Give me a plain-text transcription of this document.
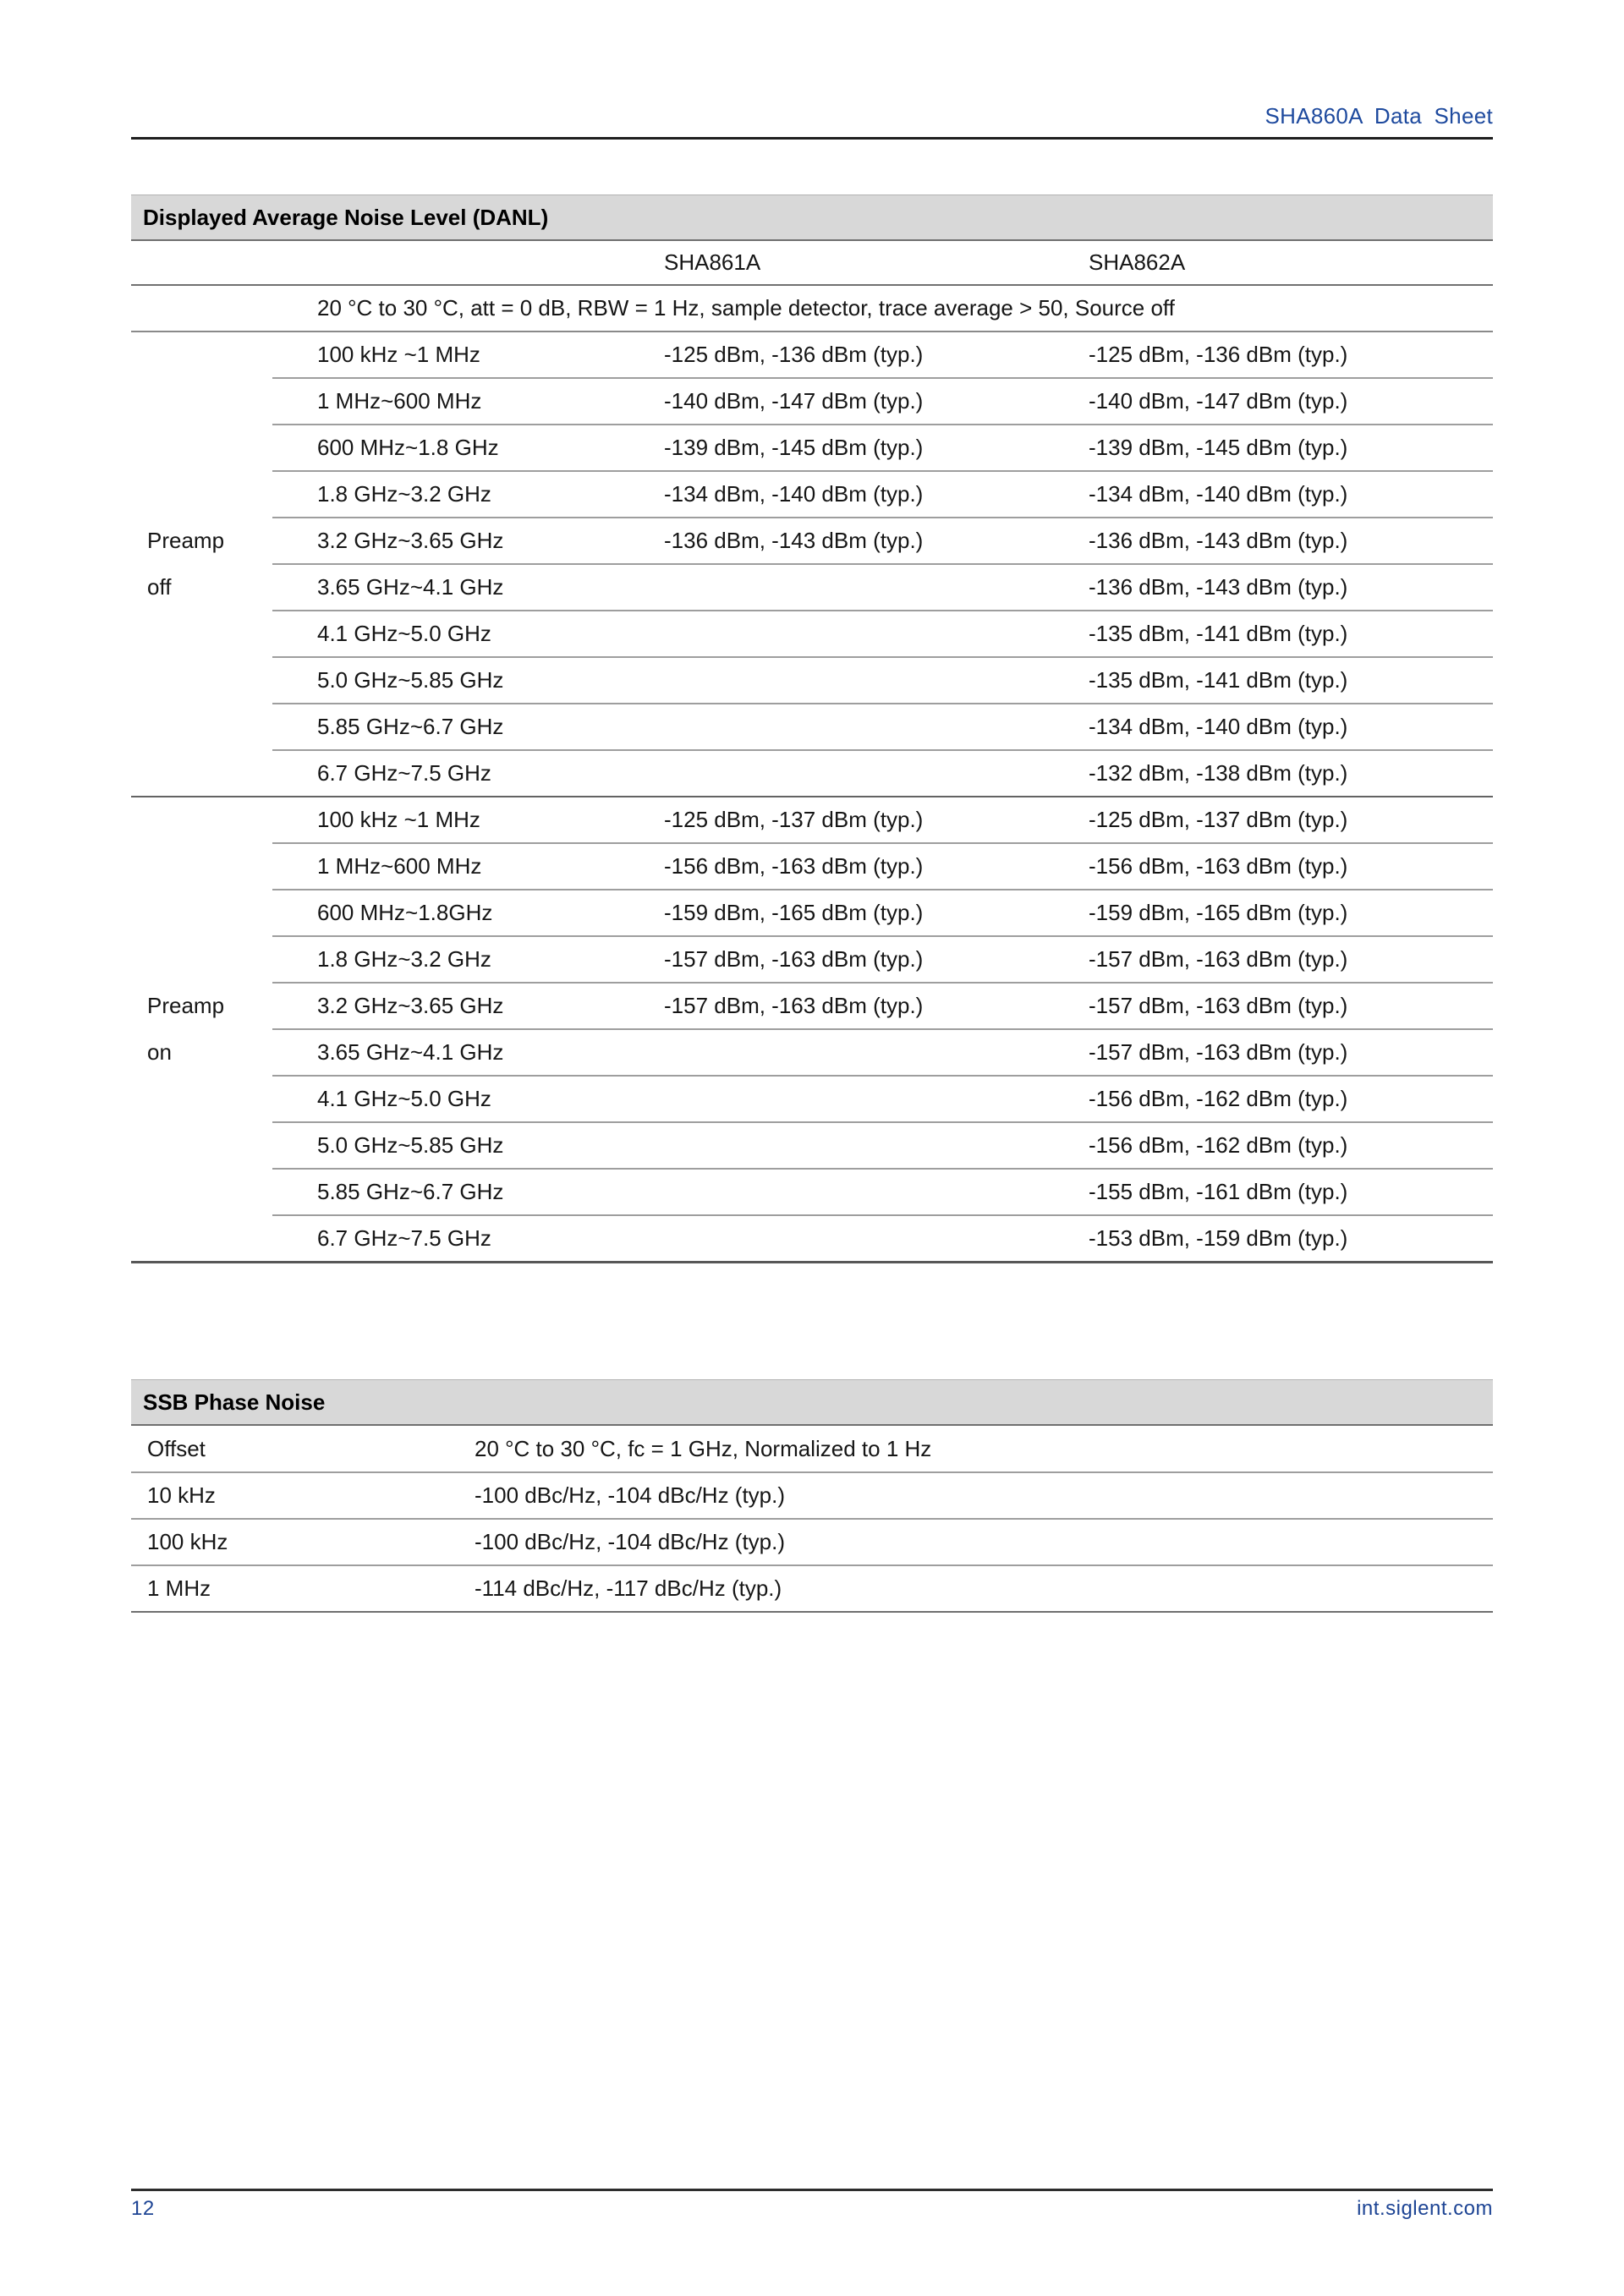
SHA860A Data Sheet
Displayed Average Noise Level (DANL)
		SHA861A	SHA862A
	20 °C to 30 °C, att = 0 dB, RBW = 1 Hz, sample detector, trace average > 50, Source off		

Preamp
off	100 kHz ~1 MHz	-125 dBm, -136 dBm (typ.)	-125 dBm, -136 dBm (typ.)
	1 MHz~600 MHz	-140 dBm, -147 dBm (typ.)	-140 dBm, -147 dBm (typ.)
	600 MHz~1.8 GHz	-139 dBm, -145 dBm (typ.)	-139 dBm, -145 dBm (typ.)
	1.8 GHz~3.2 GHz	-134 dBm, -140 dBm (typ.)	-134 dBm, -140 dBm (typ.)
	3.2 GHz~3.65 GHz	-136 dBm, -143 dBm (typ.)	-136 dBm, -143 dBm (typ.)
	3.65 GHz~4.1 GHz		-136 dBm, -143 dBm (typ.)
	4.1 GHz~5.0 GHz		-135 dBm, -141 dBm (typ.)
	5.0 GHz~5.85 GHz		-135 dBm, -141 dBm (typ.)
	5.85 GHz~6.7 GHz		-134 dBm, -140 dBm (typ.)
	6.7 GHz~7.5 GHz		-132 dBm, -138 dBm (typ.)

Preamp
on	100 kHz ~1 MHz	-125 dBm, -137 dBm (typ.)	-125 dBm, -137 dBm (typ.)
	1 MHz~600 MHz	-156 dBm, -163 dBm (typ.)	-156 dBm, -163 dBm (typ.)
	600 MHz~1.8GHz	-159 dBm, -165 dBm (typ.)	-159 dBm, -165 dBm (typ.)
	1.8 GHz~3.2 GHz	-157 dBm, -163 dBm (typ.)	-157 dBm, -163 dBm (typ.)
	3.2 GHz~3.65 GHz	-157 dBm, -163 dBm (typ.)	-157 dBm, -163 dBm (typ.)
	3.65 GHz~4.1 GHz		-157 dBm, -163 dBm (typ.)
	4.1 GHz~5.0 GHz		-156 dBm, -162 dBm (typ.)
	5.0 GHz~5.85 GHz		-156 dBm, -162 dBm (typ.)
	5.85 GHz~6.7 GHz		-155 dBm, -161 dBm (typ.)
	6.7 GHz~7.5 GHz		-153 dBm, -159 dBm (typ.)
SSB Phase Noise
Offset	20 °C to 30 °C, fc = 1 GHz, Normalized to 1 Hz
10 kHz	-100 dBc/Hz, -104 dBc/Hz (typ.)
100 kHz	-100 dBc/Hz, -104 dBc/Hz (typ.)
1 MHz	-114 dBc/Hz, -117 dBc/Hz (typ.)
12	int.siglent.com
